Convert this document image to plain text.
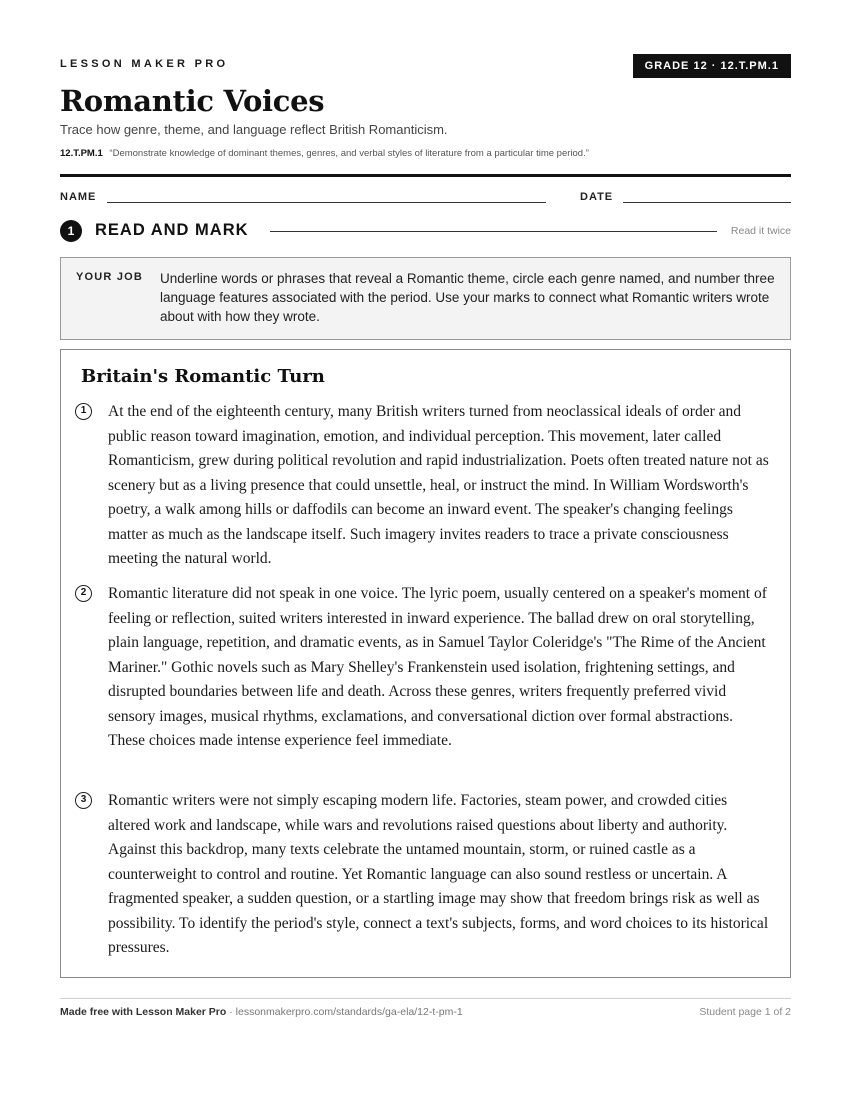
LESSON MAKER PRO	GRADE 12 · 12.T.PM.1
Romantic Voices
Trace how genre, theme, and language reflect British Romanticism.
12.T.PM.1 “Demonstrate knowledge of dominant themes, genres, and verbal styles of literature from a particular time period.”
NAME	DATE
1	READ AND MARK	Read it twice
YOUR JOB Underline words or phrases that reveal a Romantic theme, circle each genre named, and number three language features associated with the period. Use your marks to connect what Romantic writers wrote about with how they wrote.
Britain's Romantic Turn
1	At the end of the eighteenth century, many British writers turned from neoclassical ideals of order and public reason toward imagination, emotion, and individual perception. This movement, later called Romanticism, grew during political revolution and rapid industrialization. Poets often treated nature not as scenery but as a living presence that could unsettle, heal, or instruct the mind. In William Wordsworth's poetry, a walk among hills or daffodils can become an inward event. The speaker's changing feelings matter as much as the landscape itself. Such imagery invites readers to trace a private consciousness meeting the natural world.
2	Romantic literature did not speak in one voice. The lyric poem, usually centered on a speaker's moment of feeling or reflection, suited writers interested in inward experience. The ballad drew on oral storytelling, plain language, repetition, and dramatic events, as in Samuel Taylor Coleridge's "The Rime of the Ancient Mariner." Gothic novels such as Mary Shelley's Frankenstein used isolation, frightening settings, and disrupted boundaries between life and death. Across these genres, writers frequently preferred vivid sensory images, musical rhythms, exclamations, and conversational diction over formal abstractions. These choices made intense experience feel immediate.
3	Romantic writers were not simply escaping modern life. Factories, steam power, and crowded cities altered work and landscape, while wars and revolutions raised questions about liberty and authority. Against this backdrop, many texts celebrate the untamed mountain, storm, or ruined castle as a counterweight to control and routine. Yet Romantic language can also sound restless or uncertain. A fragmented speaker, a sudden question, or a startling image may show that freedom brings risk as well as possibility. To identify the period's style, connect a text's subjects, forms, and word choices to its historical pressures.
Made free with Lesson Maker Pro · lessonmakerpro.com/standards/ga-ela/12-t-pm-1	Student page 1 of 2
